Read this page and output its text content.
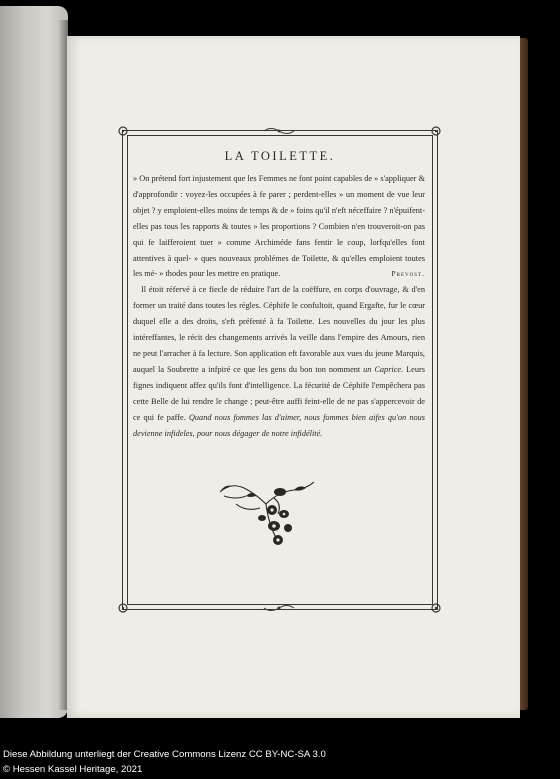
LA TOILETTE.

» On prétend fort injustement que les Femmes ne font point capables de » s'appliquer & d'approfondir : voyez-les occupées à fe parer ; perdent-elles » un moment de vue leur objet ? y emploient-elles moins de temps & de » foins qu'il n'eft néceffaire ? n'épuifent-elles pas tous les rapports & toutes » les proportions ? Combien n'en trouveroit-on pas qui fe laifferoient tuer » comme Archiméde fans fentir le coup, lorfqu'elles font attentives à quel- » ques nouveaux problémes de Toilette, & qu'elles emploient toutes les mé- » thodes pour les mettre en pratique.	Prevost.

Il étoit réfervé à ce fiecle de réduire l'art de la coëffure, en corps d'ouvrage, & d'en former un traité dans toutes les régles. Céphife le confultoit, quand Ergafte, fur le cœur duquel elle a des droits, s'eft préfenté à fa Toilette. Les nouvelles du jour les plus intéreffantes, le récit des changements arrivés la veille dans l'empire des Amours, rien ne peut l'arracher à fa lecture. Son application eft favorable aux vues du jeune Marquis, auquel la Soubrette a infpiré ce que les gens du bon ton nomment un Caprice. Leurs fignes indiquent affez qu'ils font d'intelligence. La fécurité de Céphife l'empêchera pas cette Belle de lui rendre le change ; peut-être auffi feint-elle de ne pas s'appercevoir de ce qui fe paffe. Quand nous fommes las d'aimer, nous fommes bien aifes qu'on nous devienne infideles, pour nous dégager de notre infidélité.

Diese Abbildung unterliegt der Creative Commons Lizenz CC BY-NC-SA 3.0
© Hessen Kassel Heritage, 2021
